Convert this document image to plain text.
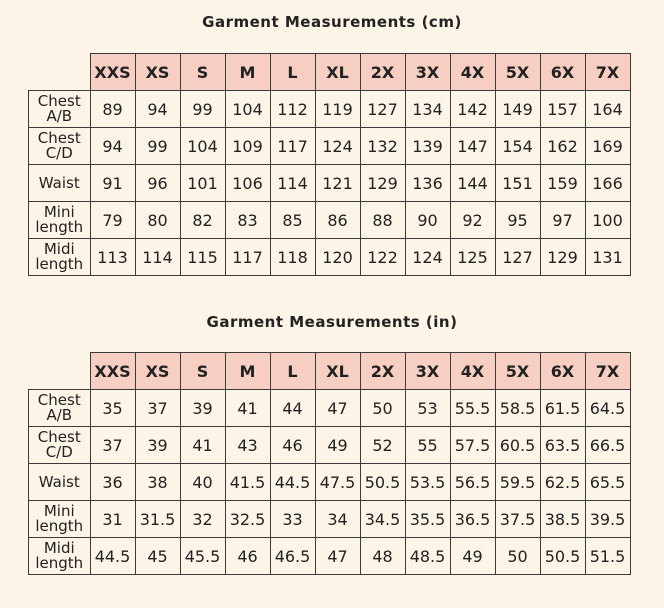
Garment Measurements (cm)
	XXS	XS	S	M	L	XL	2X	3X	4X	5X	6X	7X

Chest
A/B	89	94	99	104	112	119	127	134	142	149	157	164

Chest
C/D	94	99	104	109	117	124	132	139	147	154	162	169

Waist	91	96	101	106	114	121	129	136	144	151	159	166

Mini
length	79	80	82	83	85	86	88	90	92	95	97	100

Midi
length	113	114	115	117	118	120	122	124	125	127	129	131
Garment Measurements (in)
	XXS	XS	S	M	L	XL	2X	3X	4X	5X	6X	7X

Chest
A/B	35	37	39	41	44	47	50	53	55.5	58.5	61.5	64.5

Chest
C/D	37	39	41	43	46	49	52	55	57.5	60.5	63.5	66.5

Waist	36	38	40	41.5	44.5	47.5	50.5	53.5	56.5	59.5	62.5	65.5

Mini
length	31	31.5	32	32.5	33	34	34.5	35.5	36.5	37.5	38.5	39.5

Midi
length	44.5	45	45.5	46	46.5	47	48	48.5	49	50	50.5	51.5
